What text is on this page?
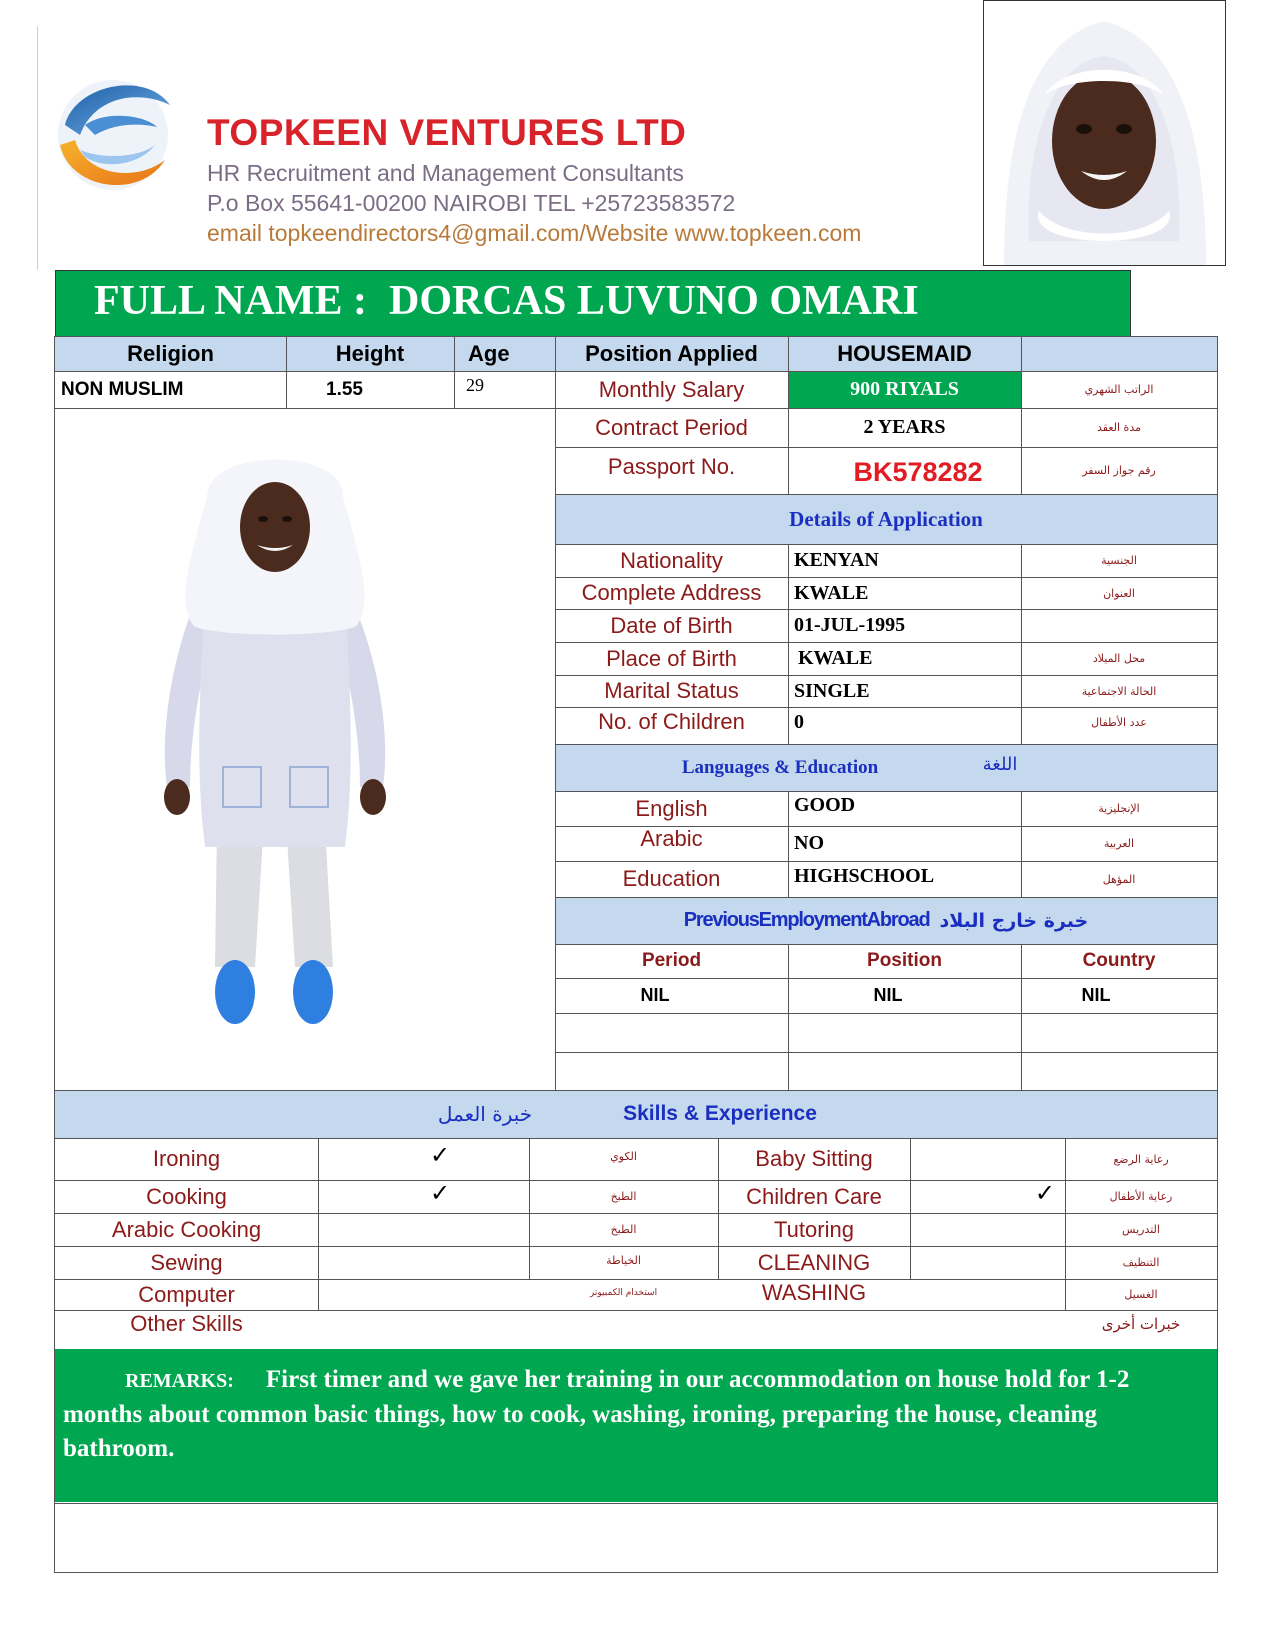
TOPKEEN VENTURES LTD
HR Recruitment and Management Consultants
P.o Box 55641-00200 NAIROBI TEL +25723583572
email topkeendirectors4@gmail.com/Website www.topkeen.com
FULL NAME : DORCAS LUVUNO OMARI
Religion	Height	Age	Position Applied	HOUSEMAID
NON MUSLIM	1.55	29	Monthly Salary	900 RIYALS	الراتب الشهري
Contract Period	2 YEARS	مدة العقد
Passport No.	BK578282	رقم جواز السفر
Details of Application
Nationality	KENYAN	الجنسية
Complete Address	KWALE	العنوان
Date of Birth	01-JUL-1995
Place of Birth	KWALE	محل الميلاد
Marital Status	SINGLE	الحالة الاجتماعية
No. of Children	0	عدد الأطفال
Languages & Education	اللغة
English	GOOD	الإنجليزية
Arabic	NO	العربية
Education	HIGHSCHOOL	المؤهل
PreviousEmploymentAbroad خبرة خارج البلاد
Period	Position	Country
NIL	NIL	NIL
خبرة العمل	Skills & Experience
Ironing	✓	الكوي	Baby Sitting	رعاية الرضع
Cooking	✓	الطبخ	Children Care	✓	رعاية الأطفال
Arabic Cooking	الطبخ	Tutoring	التدريس
Sewing	الخياطة	CLEANING	التنظيف
Computer	استخدام الكمبيوتر	WASHING	الغسيل
Other Skills	خبرات أخرى
REMARKS: First timer and we gave her training in our accommodation on house hold for 1-2 months about common basic things, how to cook, washing, ironing, preparing the house, cleaning bathroom.
